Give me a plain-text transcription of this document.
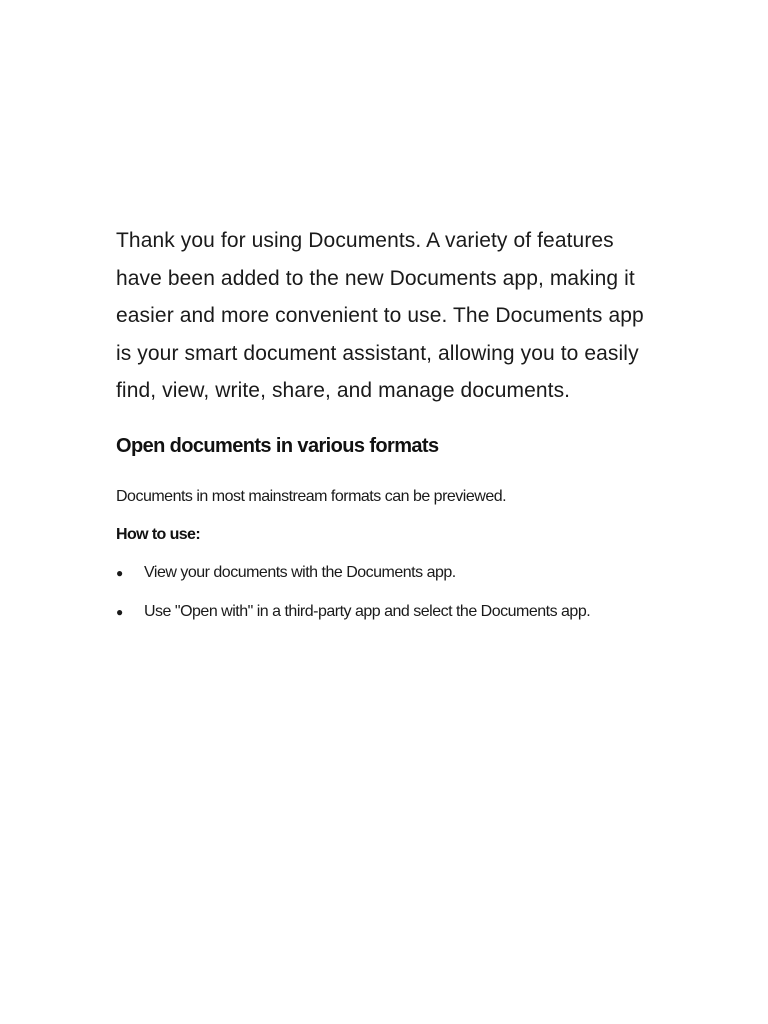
Thank you for using Documents. A variety of features have been added to the new Documents app, making it easier and more convenient to use. The Documents app is your smart document assistant, allowing you to easily find, view, write, share, and manage documents.

Open documents in various formats

Documents in most mainstream formats can be previewed.

How to use:

●	View your documents with the Documents app.
●	Use "Open with" in a third-party app and select the Documents app.
